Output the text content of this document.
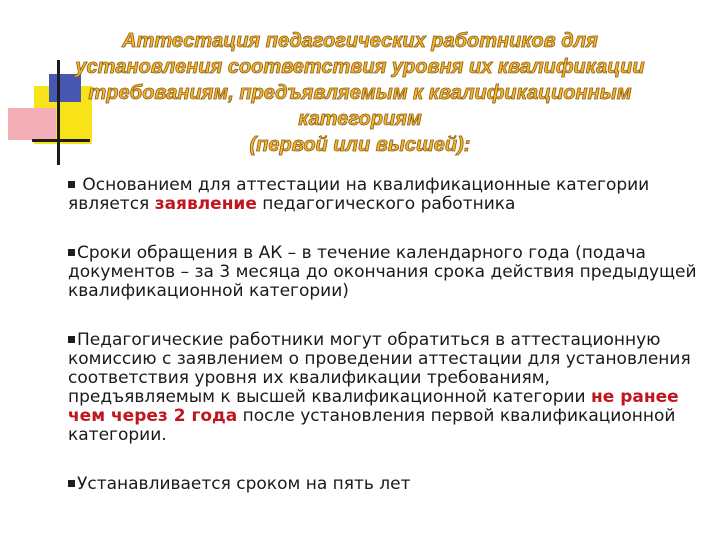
Аттестация педагогических работников для
установления соответствия уровня их квалификации
требованиям, предъявляемым к квалификационным
категориям
(первой или высшей):

Основанием для аттестации на квалификационные категории является заявление педагогического работника

Сроки обращения в АК – в течение календарного года (подача документов – за 3 месяца до окончания срока действия предыдущей квалификационной категории)

Педагогические работники могут обратиться в аттестационную комиссию с заявлением о проведении аттестации для установления соответствия уровня их квалификации требованиям, предъявляемым к высшей квалификационной категории не ранее чем через 2 года после установления первой квалификационной категории.

Устанавливается сроком на пять лет
